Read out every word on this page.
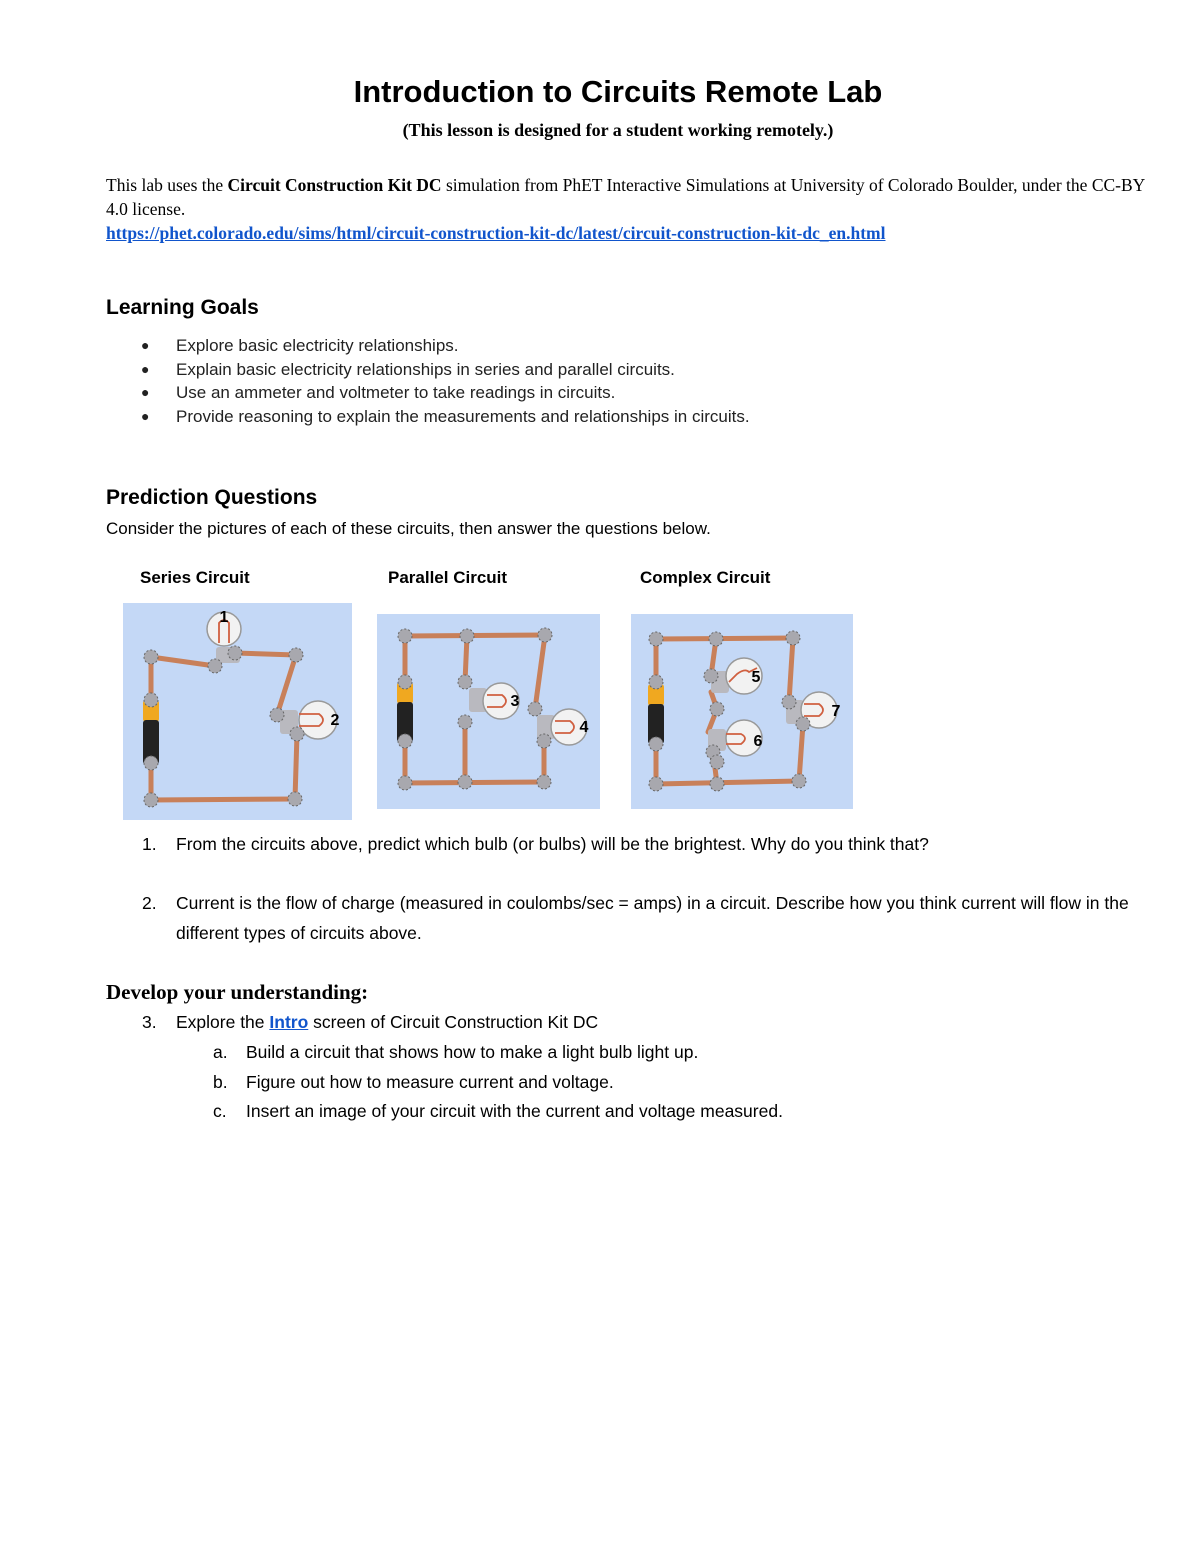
Introduction to Circuits Remote Lab
(This lesson is designed for a student working remotely.)
This lab uses the Circuit Construction Kit DC simulation from PhET Interactive Simulations at University of Colorado Boulder, under the CC-BY 4.0 license.
https://phet.colorado.edu/sims/html/circuit-construction-kit-dc/latest/circuit-construction-kit-dc_en.html
Learning Goals
● Explore basic electricity relationships.
● Explain basic electricity relationships in series and parallel circuits.
● Use an ammeter and voltmeter to take readings in circuits.
● Provide reasoning to explain the measurements and relationships in circuits.
Prediction Questions
Consider the pictures of each of these circuits, then answer the questions below.
Series Circuit	Parallel Circuit	Complex Circuit
1
2
3
4
5
6
7
1. From the circuits above, predict which bulb (or bulbs) will be the brightest. Why do you think that?
2. Current is the flow of charge (measured in coulombs/sec = amps) in a circuit. Describe how you think current will flow in the different types of circuits above.
Develop your understanding:
3. Explore the Intro screen of Circuit Construction Kit DC
a. Build a circuit that shows how to make a light bulb light up.
b. Figure out how to measure current and voltage.
c. Insert an image of your circuit with the current and voltage measured.
